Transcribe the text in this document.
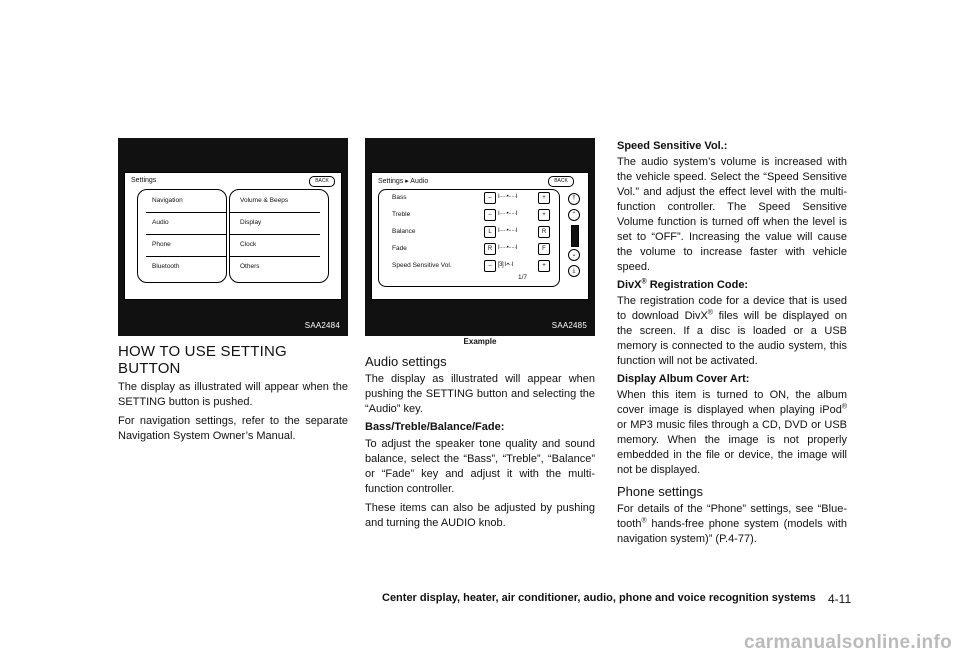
Settings	BACK
Navigation
Audio
Phone
Bluetooth
Volume & Beeps
Display
Clock
Others
SAA2484
HOW TO USE SETTING BUTTON

The display as illustrated will appear when the SETTING button is pushed.

For navigation settings, refer to the separate Navigation System Owner’s Manual.

Settings ▸ Audio	BACK
Bass	–	I·····•·····I	+
Treble	–	I·····•·····I	+
Balance	L	I·····•·····I	R
Fade	R I·····•·····I	F
Speed Sensitive Vol.	–	[3] I·•··I	+
1/7
⤒
⌃
⌄
⤓
SAA2485
Example
Audio settings

The display as illustrated will appear when pushing the SETTING button and selecting the “Audio” key.

Bass/Treble/Balance/Fade:

To adjust the speaker tone quality and sound balance, select the “Bass”, “Treble”, “Balance” or “Fade” key and adjust it with the multi-function controller.

These items can also be adjusted by pushing and turning the AUDIO knob.

Speed Sensitive Vol.:

The audio system’s volume is increased with the vehicle speed. Select the “Speed Sensitive Vol.” and adjust the effect level with the multi-function controller. The Speed Sensitive Volume function is turned off when the level is set to “OFF”. Increasing the value will cause the volume to increase faster with vehicle speed.

DivX® Registration Code:

The registration code for a device that is used to download DivX® files will be displayed on the screen. If a disc is loaded or a USB memory is connected to the audio system, this function will not be activated.

Display Album Cover Art:

When this item is turned to ON, the album cover image is displayed when playing iPod® or MP3 music files through a CD, DVD or USB memory. When the image is not properly embedded in the file or device, the image will not be displayed.

Phone settings

For details of the “Phone” settings, see “Blue-tooth® hands-free phone system (models with navigation system)” (P.4-77).

Center display, heater, air conditioner, audio, phone and voice recognition systems 4-11
carmanualsonline.info
